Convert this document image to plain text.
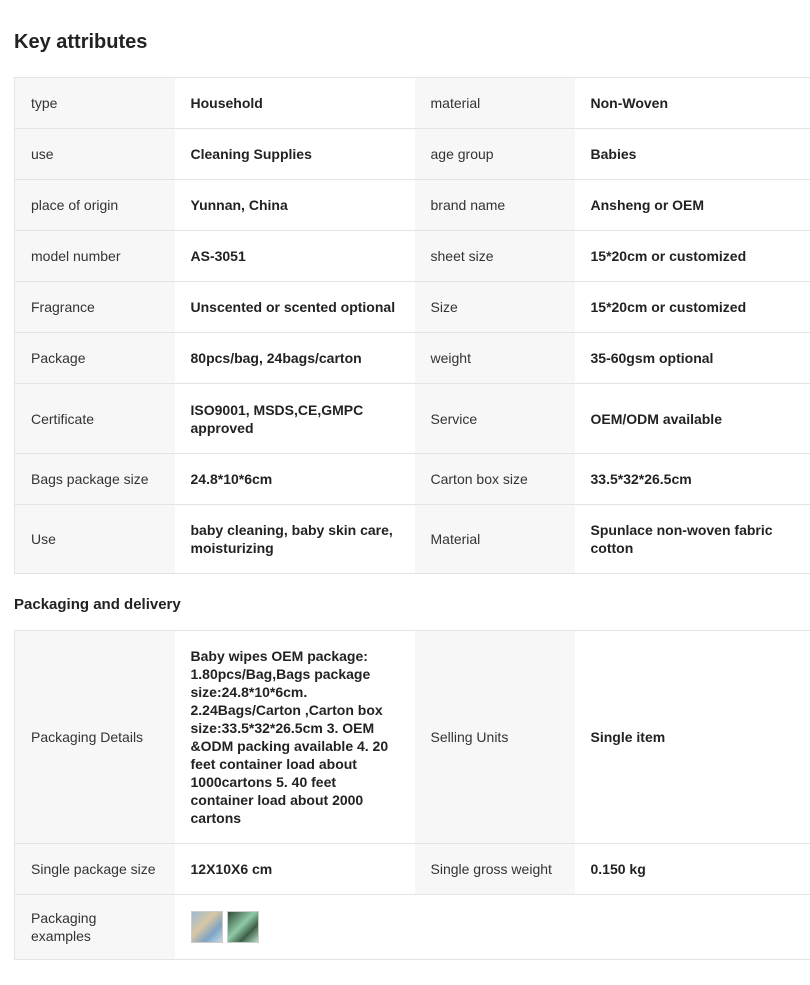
Key attributes
type	Household	material	Non-Woven
use	Cleaning Supplies	age group	Babies
place of origin	Yunnan, China	brand name	Ansheng or OEM
model number	AS-3051	sheet size	15*20cm or customized
Fragrance	Unscented or scented optional	Size	15*20cm or customized
Package	80pcs/bag, 24bags/carton	weight	35-60gsm optional
Certificate	ISO9001, MSDS,CE,GMPC approved	Service	OEM/ODM available
Bags package size	24.8*10*6cm	Carton box size	33.5*32*26.5cm
Use	baby cleaning, baby skin care, moisturizing	Material	Spunlace non-woven fabric cotton
Packaging and delivery
Packaging Details	Baby wipes OEM package: 1.80pcs/Bag,Bags package size:24.8*10*6cm. 2.24Bags/Carton ,Carton box size:33.5*32*26.5cm 3. OEM &ODM packing available 4. 20 feet container load about 1000cartons 5. 40 feet container load about 2000 cartons	Selling Units	Single item
Single package size	12X10X6 cm	Single gross weight	0.150 kg
Packaging examples			
